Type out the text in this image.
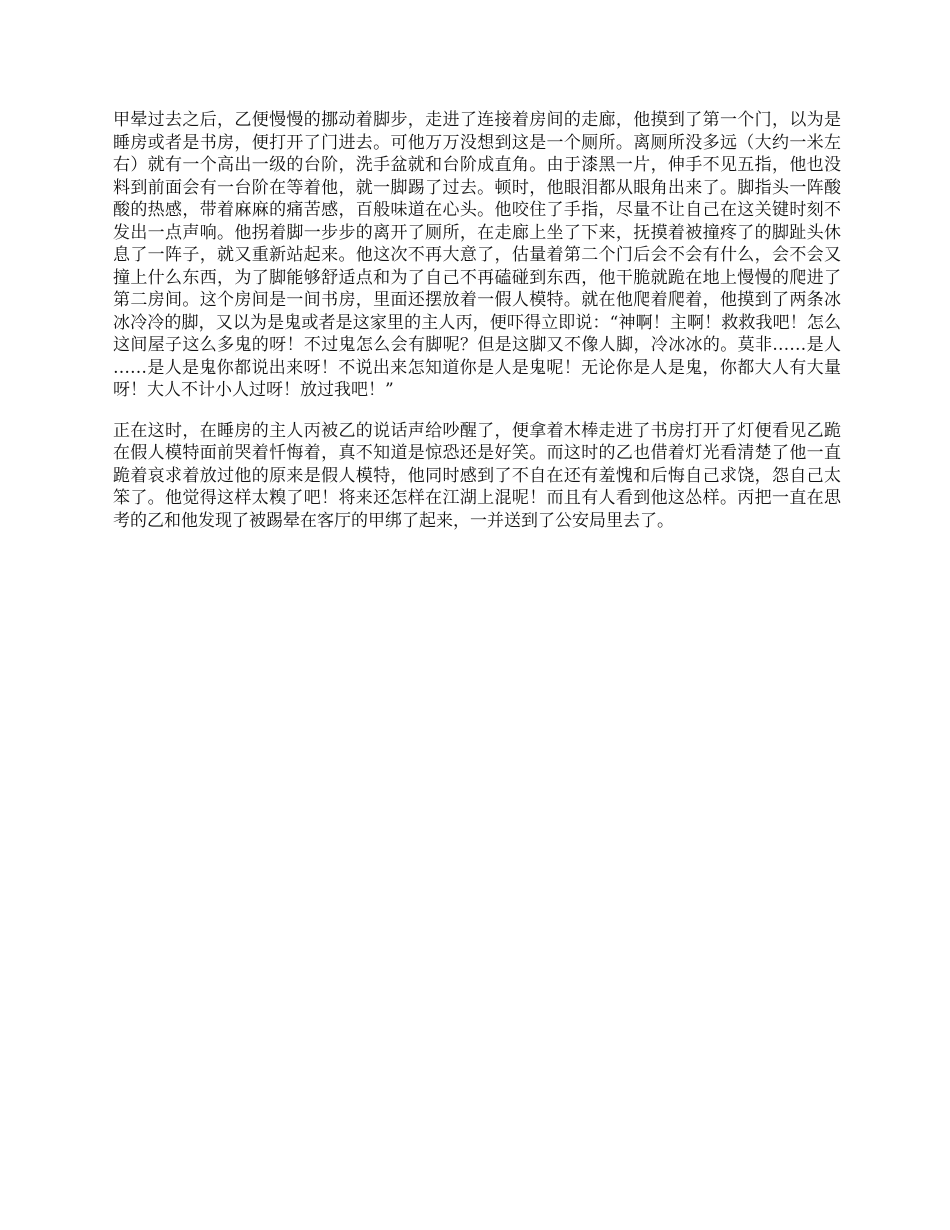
甲晕过去之后，乙便慢慢的挪动着脚步，走进了连接着房间的走廊，他摸到了第一个门，以为是睡房或者是书房，便打开了门进去。可他万万没想到这是一个厕所。离厕所没多远（大约一米左右）就有一个高出一级的台阶，洗手盆就和台阶成直角。由于漆黑一片，伸手不见五指，他也没料到前面会有一台阶在等着他，就一脚踢了过去。顿时，他眼泪都从眼角出来了。脚指头一阵酸酸的热感，带着麻麻的痛苦感，百般味道在心头。他咬住了手指，尽量不让自己在这关键时刻不发出一点声响。他拐着脚一步步的离开了厕所，在走廊上坐了下来，抚摸着被撞疼了的脚趾头休息了一阵子，就又重新站起来。他这次不再大意了，估量着第二个门后会不会有什么，会不会又撞上什么东西，为了脚能够舒适点和为了自己不再磕碰到东西，他干脆就跪在地上慢慢的爬进了第二房间。这个房间是一间书房，里面还摆放着一假人模特。就在他爬着爬着，他摸到了两条冰冰冷冷的脚，又以为是鬼或者是这家里的主人丙，便吓得立即说：“神啊！主啊！救救我吧！怎么这间屋子这么多鬼的呀！不过鬼怎么会有脚呢？但是这脚又不像人脚，冷冰冰的。莫非……是人……是人是鬼你都说出来呀！不说出来怎知道你是人是鬼呢！无论你是人是鬼，你都大人有大量呀！大人不计小人过呀！放过我吧！”

正在这时，在睡房的主人丙被乙的说话声给吵醒了，便拿着木棒走进了书房打开了灯便看见乙跪在假人模特面前哭着忏悔着，真不知道是惊恐还是好笑。而这时的乙也借着灯光看清楚了他一直跪着哀求着放过他的原来是假人模特，他同时感到了不自在还有羞愧和后悔自己求饶，怨自己太笨了。他觉得这样太糗了吧！将来还怎样在江湖上混呢！而且有人看到他这怂样。丙把一直在思考的乙和他发现了被踢晕在客厅的甲绑了起来，一并送到了公安局里去了。
